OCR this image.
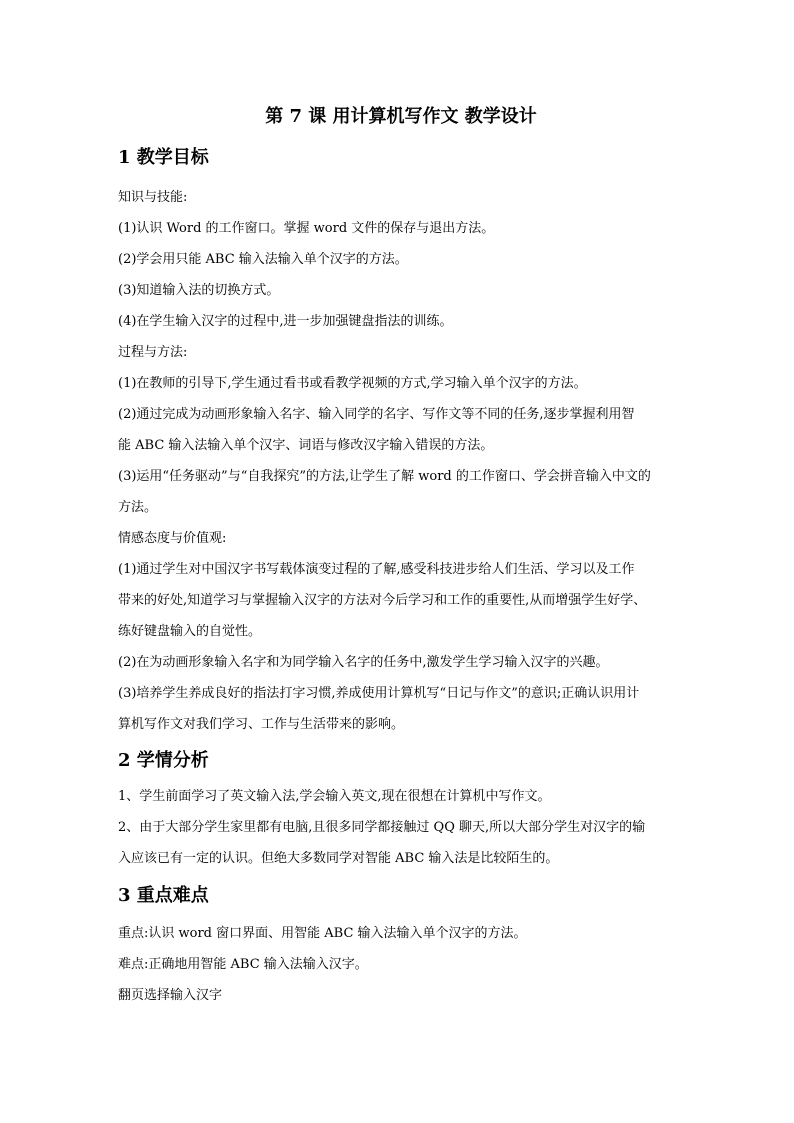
第 7 课 用计算机写作文 教学设计
1 教学目标

知识与技能:

(1)认识 Word 的工作窗口。掌握 word 文件的保存与退出方法。

(2)学会用只能 ABC 输入法输入单个汉字的方法。

(3)知道输入法的切换方式。

(4)在学生输入汉字的过程中,进一步加强键盘指法的训练。

过程与方法:

(1)在教师的引导下,学生通过看书或看教学视频的方式,学习输入单个汉字的方法。

(2)通过完成为动画形象输入名字、输入同学的名字、写作文等不同的任务,逐步掌握利用智

能 ABC 输入法输入单个汉字、词语与修改汉字输入错误的方法。

(3)运用“任务驱动”与“自我探究”的方法,让学生了解 word 的工作窗口、学会拼音输入中文的

方法。

情感态度与价值观:

(1)通过学生对中国汉字书写载体演变过程的了解,感受科技进步给人们生活、学习以及工作

带来的好处,知道学习与掌握输入汉字的方法对今后学习和工作的重要性,从而增强学生好学、

练好键盘输入的自觉性。

(2)在为动画形象输入名字和为同学输入名字的任务中,激发学生学习输入汉字的兴趣。

(3)培养学生养成良好的指法打字习惯,养成使用计算机写“日记与作文”的意识;正确认识用计

算机写作文对我们学习、工作与生活带来的影响。

2 学情分析

1、学生前面学习了英文输入法,学会输入英文,现在很想在计算机中写作文。

2、由于大部分学生家里都有电脑,且很多同学都接触过 QQ 聊天,所以大部分学生对汉字的输

入应该已有一定的认识。但绝大多数同学对智能 ABC 输入法是比较陌生的。

3 重点难点

重点:认识 word 窗口界面、用智能 ABC 输入法输入单个汉字的方法。

难点:正确地用智能 ABC 输入法输入汉字。

翻页选择输入汉字
